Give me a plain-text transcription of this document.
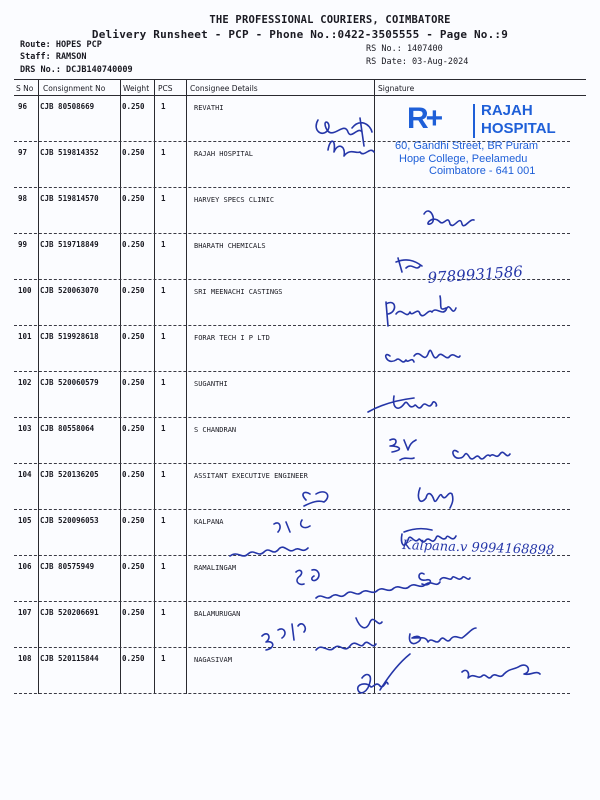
THE PROFESSIONAL COURIERS, COIMBATORE
Delivery Runsheet - PCP - Phone No.:0422-3505555 - Page No.:9
Route: HOPES PCP
Staff: RAMSON
DRS No.: DCJB140740009
RS No.: 1407400
RS Date: 03-Aug-2024
S No Consignment No Weight PCS Consignee Details	Signature
96 CJB 80508669	0.250 1	REVATHI
97 CJB 519814352	0.250 1	RAJAH HOSPITAL
98 CJB 519814570	0.250 1	HARVEY SPECS CLINIC
99 CJB 519718849	0.250 1	BHARATH CHEMICALS
100 CJB 520063070	0.250 1	SRI MEENACHI CASTINGS
101 CJB 519928618	0.250 1	FORAR TECH I P LTD
102 CJB 520060579	0.250 1	SUGANTHI
103 CJB 80558064	0.250 1	S CHANDRAN
104 CJB 520136205	0.250 1	ASSITANT EXECUTIVE ENGINEER
105 CJB 520096053	0.250 1	KALPANA
106 CJB 80575949	0.250 1	RAMALINGAM
107 CJB 520206691	0.250 1	BALAMURUGAN
108 CJB 520115844	0.250 1	NAGASIVAM
R+	RAJAH
HOSPITAL
60, Gandhi Street, BR Puram
Hope College, Peelamedu
Coimbatore - 641 001
9789931586
Kalpana.v 9994168898
